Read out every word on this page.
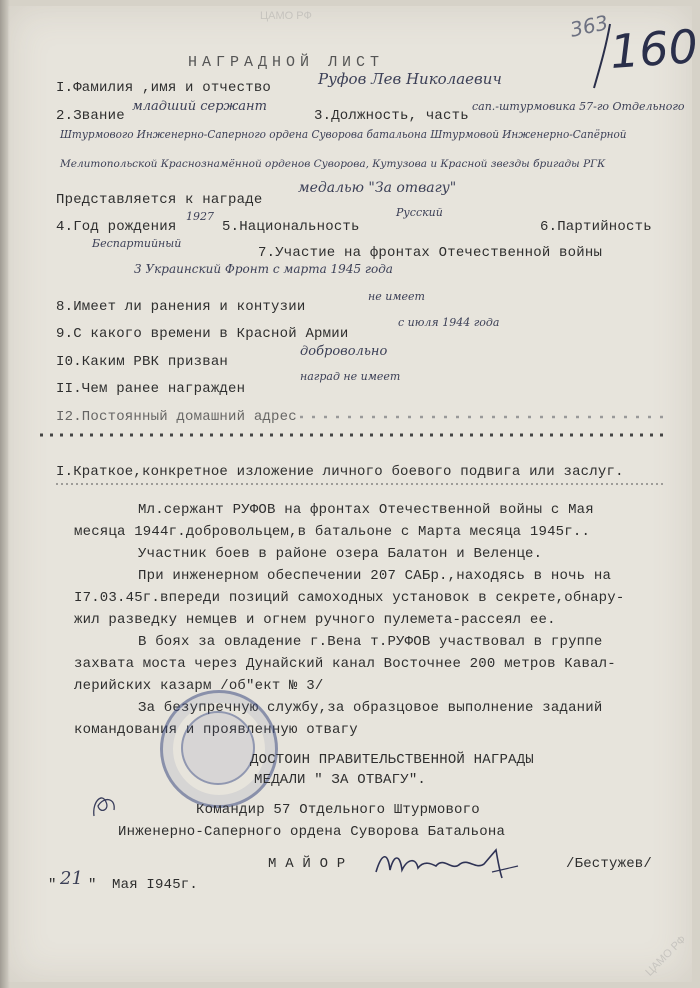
363
160
ЦАМО РФ
ЦАМО РФ
НАГРАДНОЙ ЛИСТ
I.Фамилия ,имя и отчество	Руфов Лев Николаевич
2.Звание
младший сержант
3.Должность, часть
сап.-штурмовика 57-го Отдельного
Штурмового Инженерно-Саперного ордена Суворова батальона Штурмовой Инженерно-Сапёрной
Мелитопольской Краснознамённой орденов Суворова, Кутузова и Красной звезды бригады РГК
Представляется к награде
медалью "За отвагу"
4.Год рождения
1927
5.Национальность
Русский
6.Партийность
Беспартийный
7.Участие на фронтах Отечественной войны
3 Украинский Фронт с марта 1945 года
8.Имеет ли ранения и контузии
не имеет
9.С какого времени в Красной Армии
с июля 1944 года
I0.Каким РВК призван
добровольно
II.Чем ранее награжден
наград не имеет
I2.Постоянный домашний адрес
I.Краткое,конкретное изложение личного боевого подвига или заслуг.
Мл.сержант РУФОВ на фронтах Отечественной войны с Мая
месяца 1944г.добровольцем,в батальоне с Марта месяца 1945г..
Участник боев в районе озера Балатон и Веленце.
При инженерном обеспечении 207 САБр.,находясь в ночь на
I7.03.45г.впереди позиций самоходных установок в секрете,обнару-
жил разведку немцев и огнем ручного пулемета-рассеял ее.
В боях за овладение г.Вена т.РУФОВ участвовал в группе
захвата моста через Дунайский канал Восточнее 200 метров Кавал-
лерийских казарм /об"ект № 3/
За безупречную службу,за образцовое выполнение заданий
командования и проявленную отвагу
ДОСТОИН ПРАВИТЕЛЬСТВЕННОЙ НАГРАДЫ
МЕДАЛИ " ЗА ОТВАГУ".
Командир 57 Отдельного Штурмового
Инженерно-Саперного ордена Суворова Батальона
М А Й О Р	/Бестужев/
" 21 " Мая I945г.
